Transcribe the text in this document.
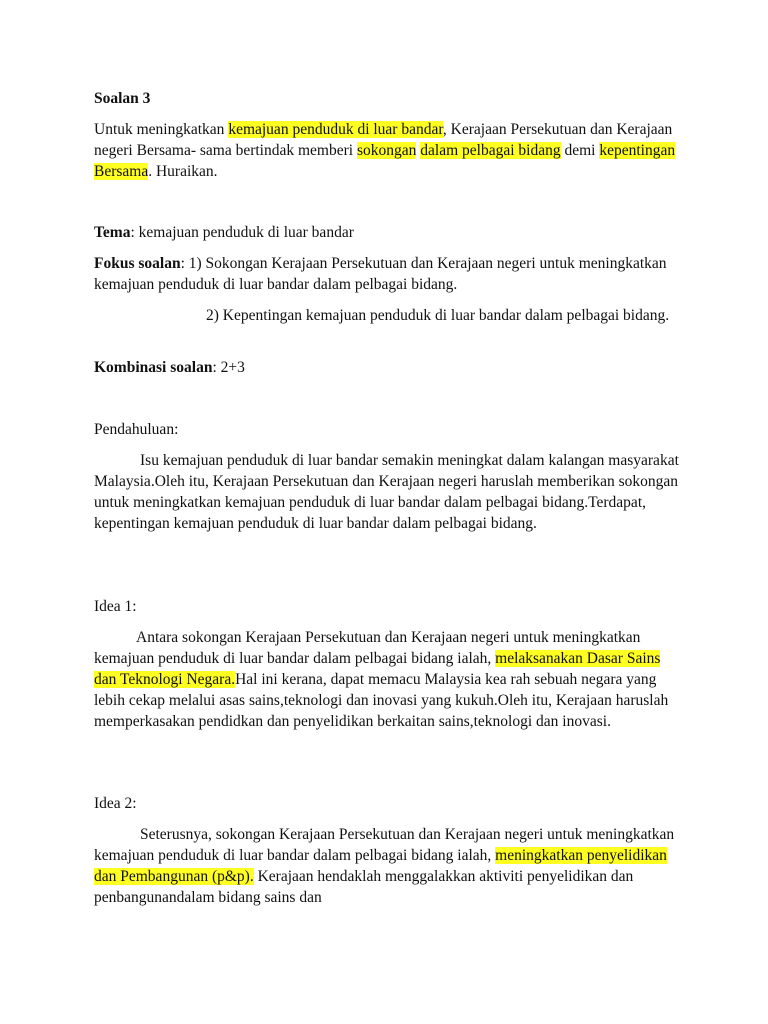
Soalan 3

Untuk meningkatkan kemajuan penduduk di luar bandar, Kerajaan Persekutuan dan Kerajaan negeri Bersama- sama bertindak memberi sokongan dalam pelbagai bidang demi kepentingan Bersama. Huraikan.

Tema: kemajuan penduduk di luar bandar

Fokus soalan: 1) Sokongan Kerajaan Persekutuan dan Kerajaan negeri untuk meningkatkan kemajuan penduduk di luar bandar dalam pelbagai bidang.

2) Kepentingan kemajuan penduduk di luar bandar dalam pelbagai bidang.

Kombinasi soalan: 2+3

Pendahuluan:

Isu kemajuan penduduk di luar bandar semakin meningkat dalam kalangan masyarakat Malaysia.Oleh itu, Kerajaan Persekutuan dan Kerajaan negeri haruslah memberikan sokongan untuk meningkatkan kemajuan penduduk di luar bandar dalam pelbagai bidang.Terdapat, kepentingan kemajuan penduduk di luar bandar dalam pelbagai bidang.

Idea 1:

Antara sokongan Kerajaan Persekutuan dan Kerajaan negeri untuk meningkatkan kemajuan penduduk di luar bandar dalam pelbagai bidang ialah, melaksanakan Dasar Sains dan Teknologi Negara.Hal ini kerana, dapat memacu Malaysia kea rah sebuah negara yang lebih cekap melalui asas sains,teknologi dan inovasi yang kukuh.Oleh itu, Kerajaan haruslah memperkasakan pendidkan dan penyelidikan berkaitan sains,teknologi dan inovasi.

Idea 2:

Seterusnya, sokongan Kerajaan Persekutuan dan Kerajaan negeri untuk meningkatkan kemajuan penduduk di luar bandar dalam pelbagai bidang ialah, meningkatkan penyelidikan dan Pembangunan (p&p). Kerajaan hendaklah menggalakkan aktiviti penyelidikan dan penbangunandalam bidang sains dan
